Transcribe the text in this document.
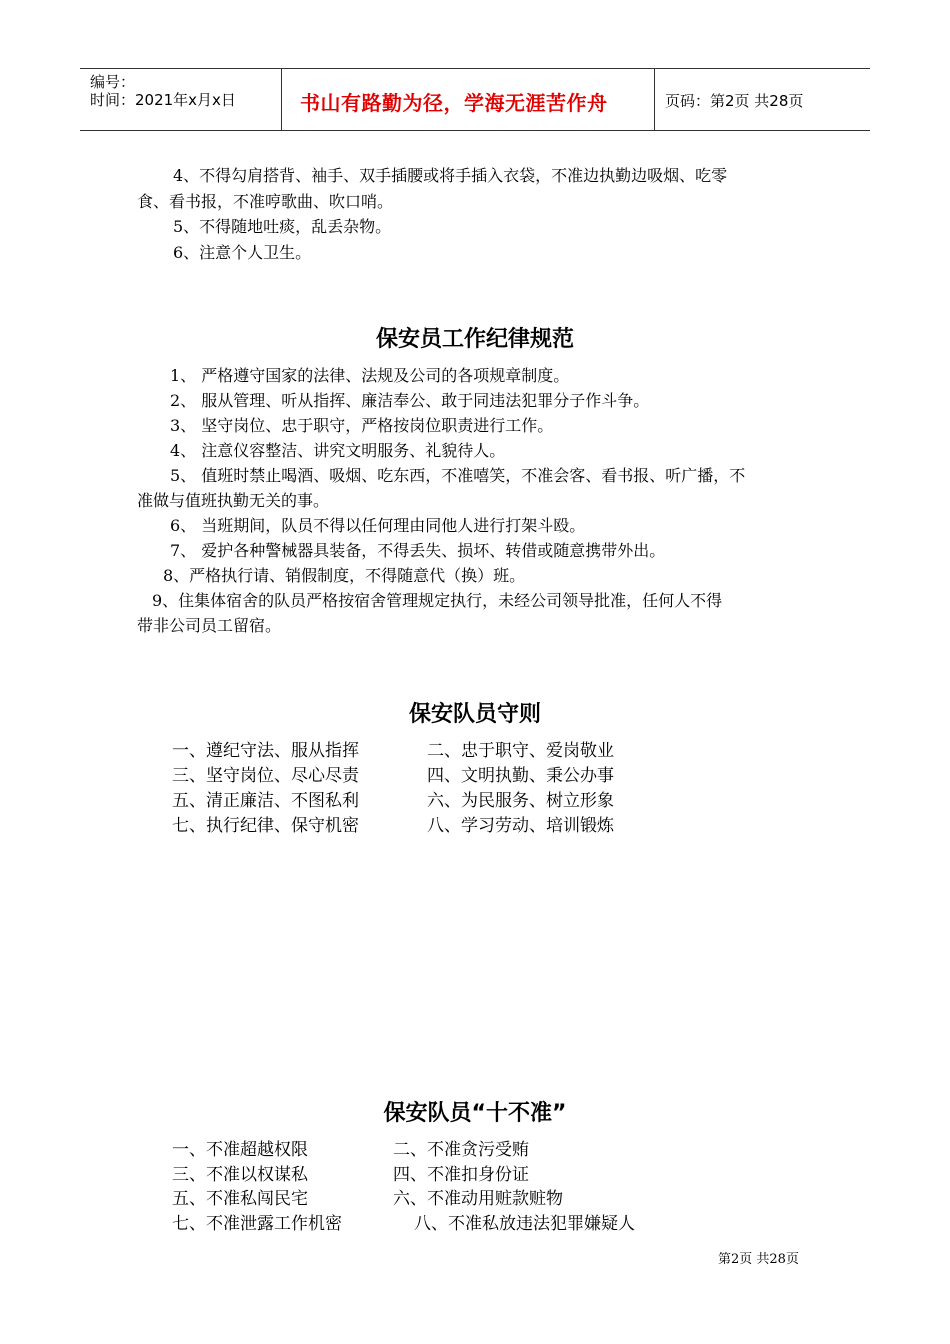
编号：
时间：2021年x月x日	书山有路勤为径，学海无涯苦作舟	页码：第2页 共28页
4、不得勾肩搭背、袖手、双手插腰或将手插入衣袋，不准边执勤边吸烟、吃零
食、看书报，不准哼歌曲、吹口哨。
5、不得随地吐痰，乱丢杂物。
6、注意个人卫生。
保安员工作纪律规范
1、 严格遵守国家的法律、法规及公司的各项规章制度。
2、 服从管理、听从指挥、廉洁奉公、敢于同违法犯罪分子作斗争。
3、 坚守岗位、忠于职守，严格按岗位职责进行工作。
4、 注意仪容整洁、讲究文明服务、礼貌待人。
5、 值班时禁止喝酒、吸烟、吃东西，不准嘻笑，不准会客、看书报、听广播，不
准做与值班执勤无关的事。
6、 当班期间，队员不得以任何理由同他人进行打架斗殴。
7、 爱护各种警械器具装备，不得丢失、损坏、转借或随意携带外出。
8、严格执行请、销假制度，不得随意代（换）班。
9、住集体宿舍的队员严格按宿舍管理规定执行，未经公司领导批准，任何人不得
带非公司员工留宿。
保安队员守则
一、遵纪守法、服从指挥
三、坚守岗位、尽心尽责
五、清正廉洁、不图私利
七、执行纪律、保守机密
二、忠于职守、爱岗敬业
四、文明执勤、秉公办事
六、为民服务、树立形象
八、学习劳动、培训锻炼
保安队员“十不准”
一、不准超越权限
三、不准以权谋私
五、不准私闯民宅
七、不准泄露工作机密
二、不准贪污受贿
四、不准扣身份证
六、不准动用赃款赃物
八、不准私放违法犯罪嫌疑人
第2页 共28页
